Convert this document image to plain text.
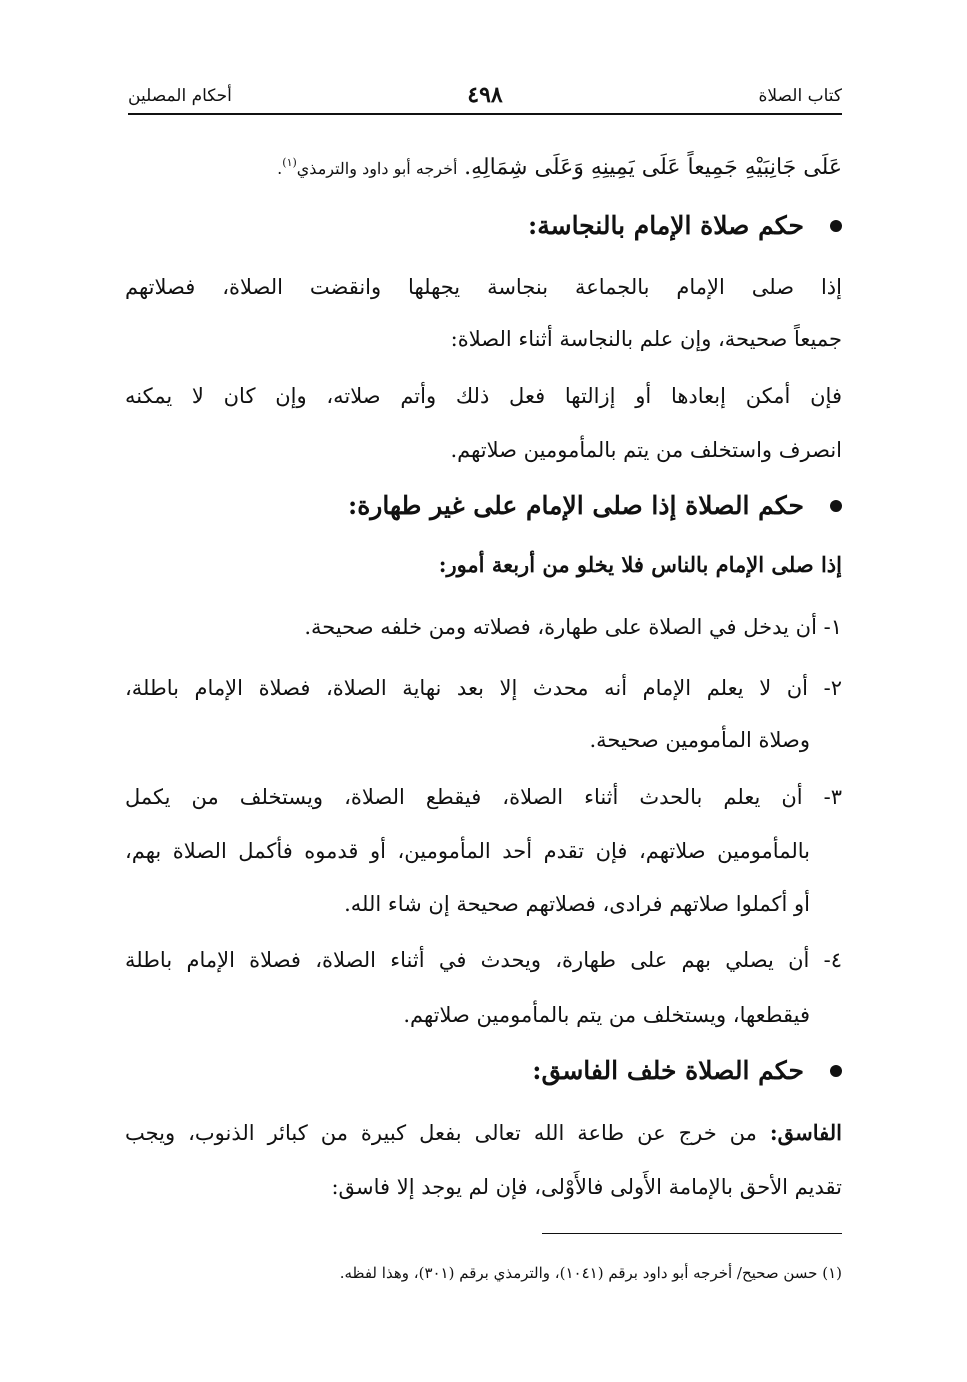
كتاب الصلاة
٤٩٨
أحكام المصلين
عَلَى جَانِبَيْهِ جَمِيعاً عَلَى يَمِينِهِ وَعَلَى شِمَالِهِ. أخرجه أبو داود والترمذي$^{(١)}$.
حكم صلاة الإمام بالنجاسة:
إذا صلى الإمام بالجماعة بنجاسة يجهلها وانقضت الصلاة، فصلاتهم
جميعاً صحيحة، وإن علم بالنجاسة أثناء الصلاة:
فإن أمكن إبعادها أو إزالتها فعل ذلك وأتم صلاته، وإن كان لا يمكنه
انصرف واستخلف من يتم بالمأمومين صلاتهم.
حكم الصلاة إذا صلى الإمام على غير طهارة:
إذا صلى الإمام بالناس فلا يخلو من أربعة أمور:
١- أن يدخل في الصلاة على طهارة، فصلاته ومن خلفه صحيحة.
٢- أن لا يعلم الإمام أنه محدث إلا بعد نهاية الصلاة، فصلاة الإمام باطلة،
وصلاة المأمومين صحيحة.
٣- أن يعلم بالحدث أثناء الصلاة، فيقطع الصلاة، ويستخلف من يكمل
بالمأمومين صلاتهم، فإن تقدم أحد المأمومين، أو قدموه فأكمل الصلاة بهم،
أو أكملوا صلاتهم فرادى، فصلاتهم صحيحة إن شاء الله.
٤- أن يصلي بهم على طهارة، ويحدث في أثناء الصلاة، فصلاة الإمام باطلة
فيقطعها، ويستخلف من يتم بالمأمومين صلاتهم.
حكم الصلاة خلف الفاسق:
الفاسق: من خرج عن طاعة الله تعالى بفعل كبيرة من كبائر الذنوب، ويجب
تقديم الأحق بالإمامة الأَولى فالأَوْلى، فإن لم يوجد إلا فاسق:
(١) حسن صحيح/ أخرجه أبو داود برقم (١٠٤١)، والترمذي برقم (٣٠١)، وهذا لفظه.
